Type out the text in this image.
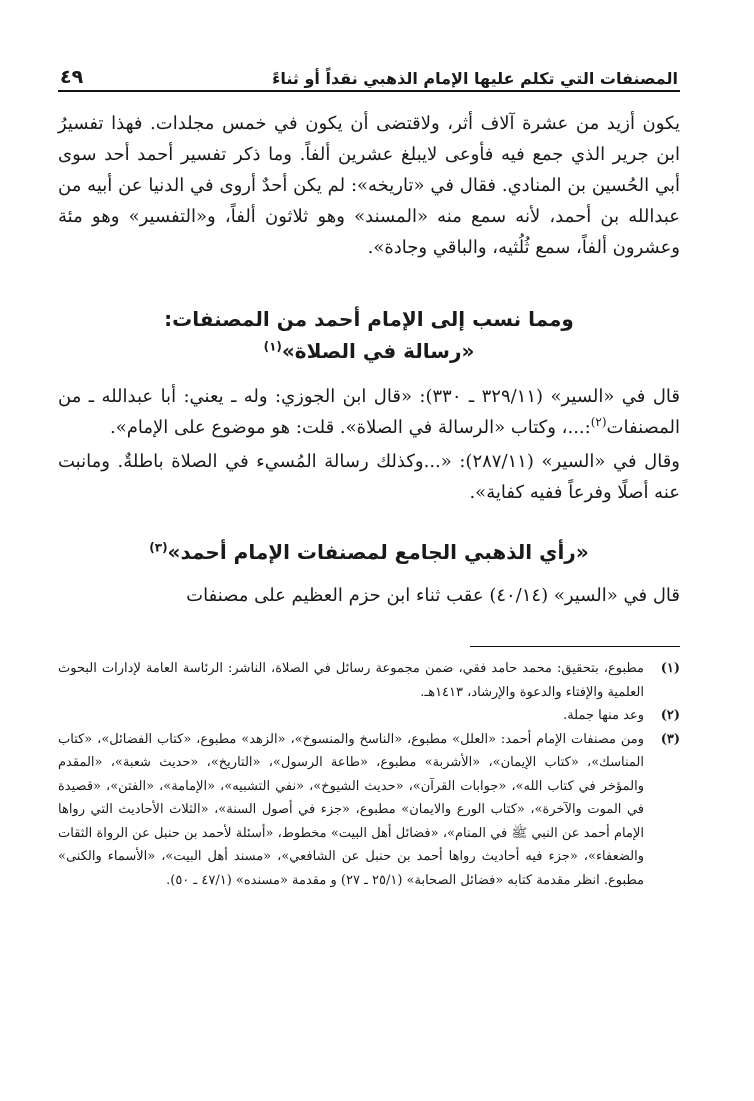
المصنفات التي تكلم عليها الإمام الذهبي نقداً أو ثناءً
٤٩

يكون أزيد من عشرة آلاف أثر، ولاقتضى أن يكون في خمس مجلدات. فهذا تفسيرُ ابن جرير الذي جمع فيه فأوعى لايبلغ عشرين ألفاً. وما ذكر تفسير أحمد أحد سوى أبي الحُسين بن المنادي. فقال في «تاريخه»: لم يكن أحدٌ أروى في الدنيا عن أبيه من عبدالله بن أحمد، لأنه سمع منه «المسند» وهو ثلاثون ألفاً، و«التفسير» وهو مئة وعشرون ألفاً، سمع ثُلُثيه، والباقي وجادة».

ومما نسب إلى الإمام أحمد من المصنفات:

«رسالة في الصلاة»$^{(١)}$

قال في «السير» (٣٢٩/١١ ـ ٣٣٠): «قال ابن الجوزي: وله ـ يعني: أبا عبدالله ـ من المصنفات$^{(٢)}$:...، وكتاب «الرسالة في الصلاة». قلت: هو موضوع على الإمام».

وقال في «السير» (٢٨٧/١١): «...وكذلك رسالة المُسيء في الصلاة باطلةٌ. ومانبت عنه أصلًا وفرعاً ففيه كفاية».

«رأي الذهبي الجامع لمصنفات الإمام أحمد»$^{(٣)}$

قال في «السير» (٤٠/١٤) عقب ثناء ابن حزم العظيم على مصنفات

(١)
مطبوع، بتحقيق: محمد حامد فقي، ضمن مجموعة رسائل في الصلاة، الناشر: الرئاسة العامة لإدارات البحوث العلمية والإفتاء والدعوة والإرشاد، ١٤١٣هـ.
(٢)
وعد منها جملة.
(٣)
ومن مصنفات الإمام أحمد: «العلل» مطبوع، «الناسخ والمنسوخ»، «الزهد» مطبوع، «كتاب الفضائل»، «كتاب المناسك»، «كتاب الإيمان»، «الأشربة» مطبوع، «طاعة الرسول»، «التاريخ»، «حديث شعبة»، «المقدم والمؤخر في كتاب الله»، «جوابات القرآن»، «حديث الشيوخ»، «نفي التشبيه»، «الإمامة»، «الفتن»، «قصيدة في الموت والآخرة»، «كتاب الورع والايمان» مطبوع، «جزء في أصول السنة»، «الثلاث الأحاديث التي رواها الإمام أحمد عن النبي ﷺ في المنام»، «فضائل أهل البيت» مخطوط، «أسئلة لأحمد بن حنبل عن الرواة الثقات والضعفاء»، «جزء فيه أحاديث رواها أحمد بن حنبل عن الشافعي»، «مسند أهل البيت»، «الأسماء والكنى» مطبوع. انظر مقدمة كتابه «فضائل الصحابة» (٢٥/١ ـ ٢٧) و مقدمة «مسنده» (٤٧/١ ـ ٥٠).
